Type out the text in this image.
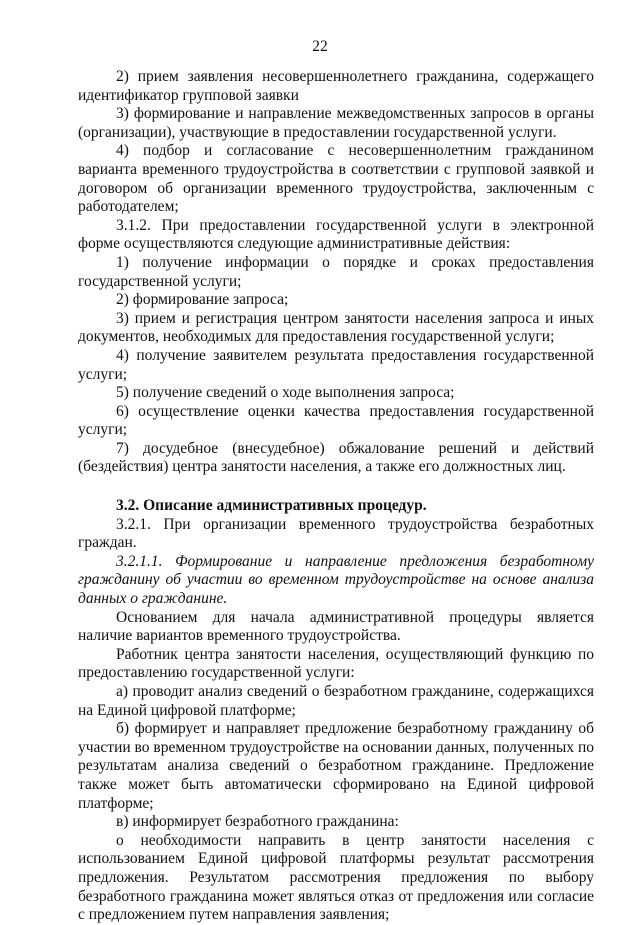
22

2) прием заявления несовершеннолетнего гражданина, содержащего идентификатор групповой заявки

3) формирование и направление межведомственных запросов в органы (организации), участвующие в предоставлении государственной услуги.

4) подбор и согласование с несовершеннолетним гражданином варианта временного трудоустройства в соответствии с групповой заявкой и договором об организации временного трудоустройства, заключенным с работодателем;

3.1.2. При предоставлении государственной услуги в электронной форме осуществляются следующие административные действия:

1) получение информации о порядке и сроках предоставления государственной услуги;

2) формирование запроса;

3) прием и регистрация центром занятости населения запроса и иных документов, необходимых для предоставления государственной услуги;

4) получение заявителем результата предоставления государственной услуги;

5) получение сведений о ходе выполнения запроса;

6) осуществление оценки качества предоставления государственной услуги;

7) досудебное (внесудебное) обжалование решений и действий (бездействия) центра занятости населения, а также его должностных лиц.

3.2. Описание административных процедур.

3.2.1. При организации временного трудоустройства безработных граждан.

3.2.1.1. Формирование и направление предложения безработному гражданину об участии во временном трудоустройстве на основе анализа данных о гражданине.

Основанием для начала административной процедуры является наличие вариантов временного трудоустройства.

Работник центра занятости населения, осуществляющий функцию по предоставлению государственной услуги:

а) проводит анализ сведений о безработном гражданине, содержащихся на Единой цифровой платформе;

б) формирует и направляет предложение безработному гражданину об участии во временном трудоустройстве на основании данных, полученных по результатам анализа сведений о безработном гражданине. Предложение также может быть автоматически сформировано на Единой цифровой платформе;

в) информирует безработного гражданина:

о необходимости направить в центр занятости населения с использованием Единой цифровой платформы результат рассмотрения предложения. Результатом рассмотрения предложения по выбору безработного гражданина может являться отказ от предложения или согласие с предложением путем направления заявления;
